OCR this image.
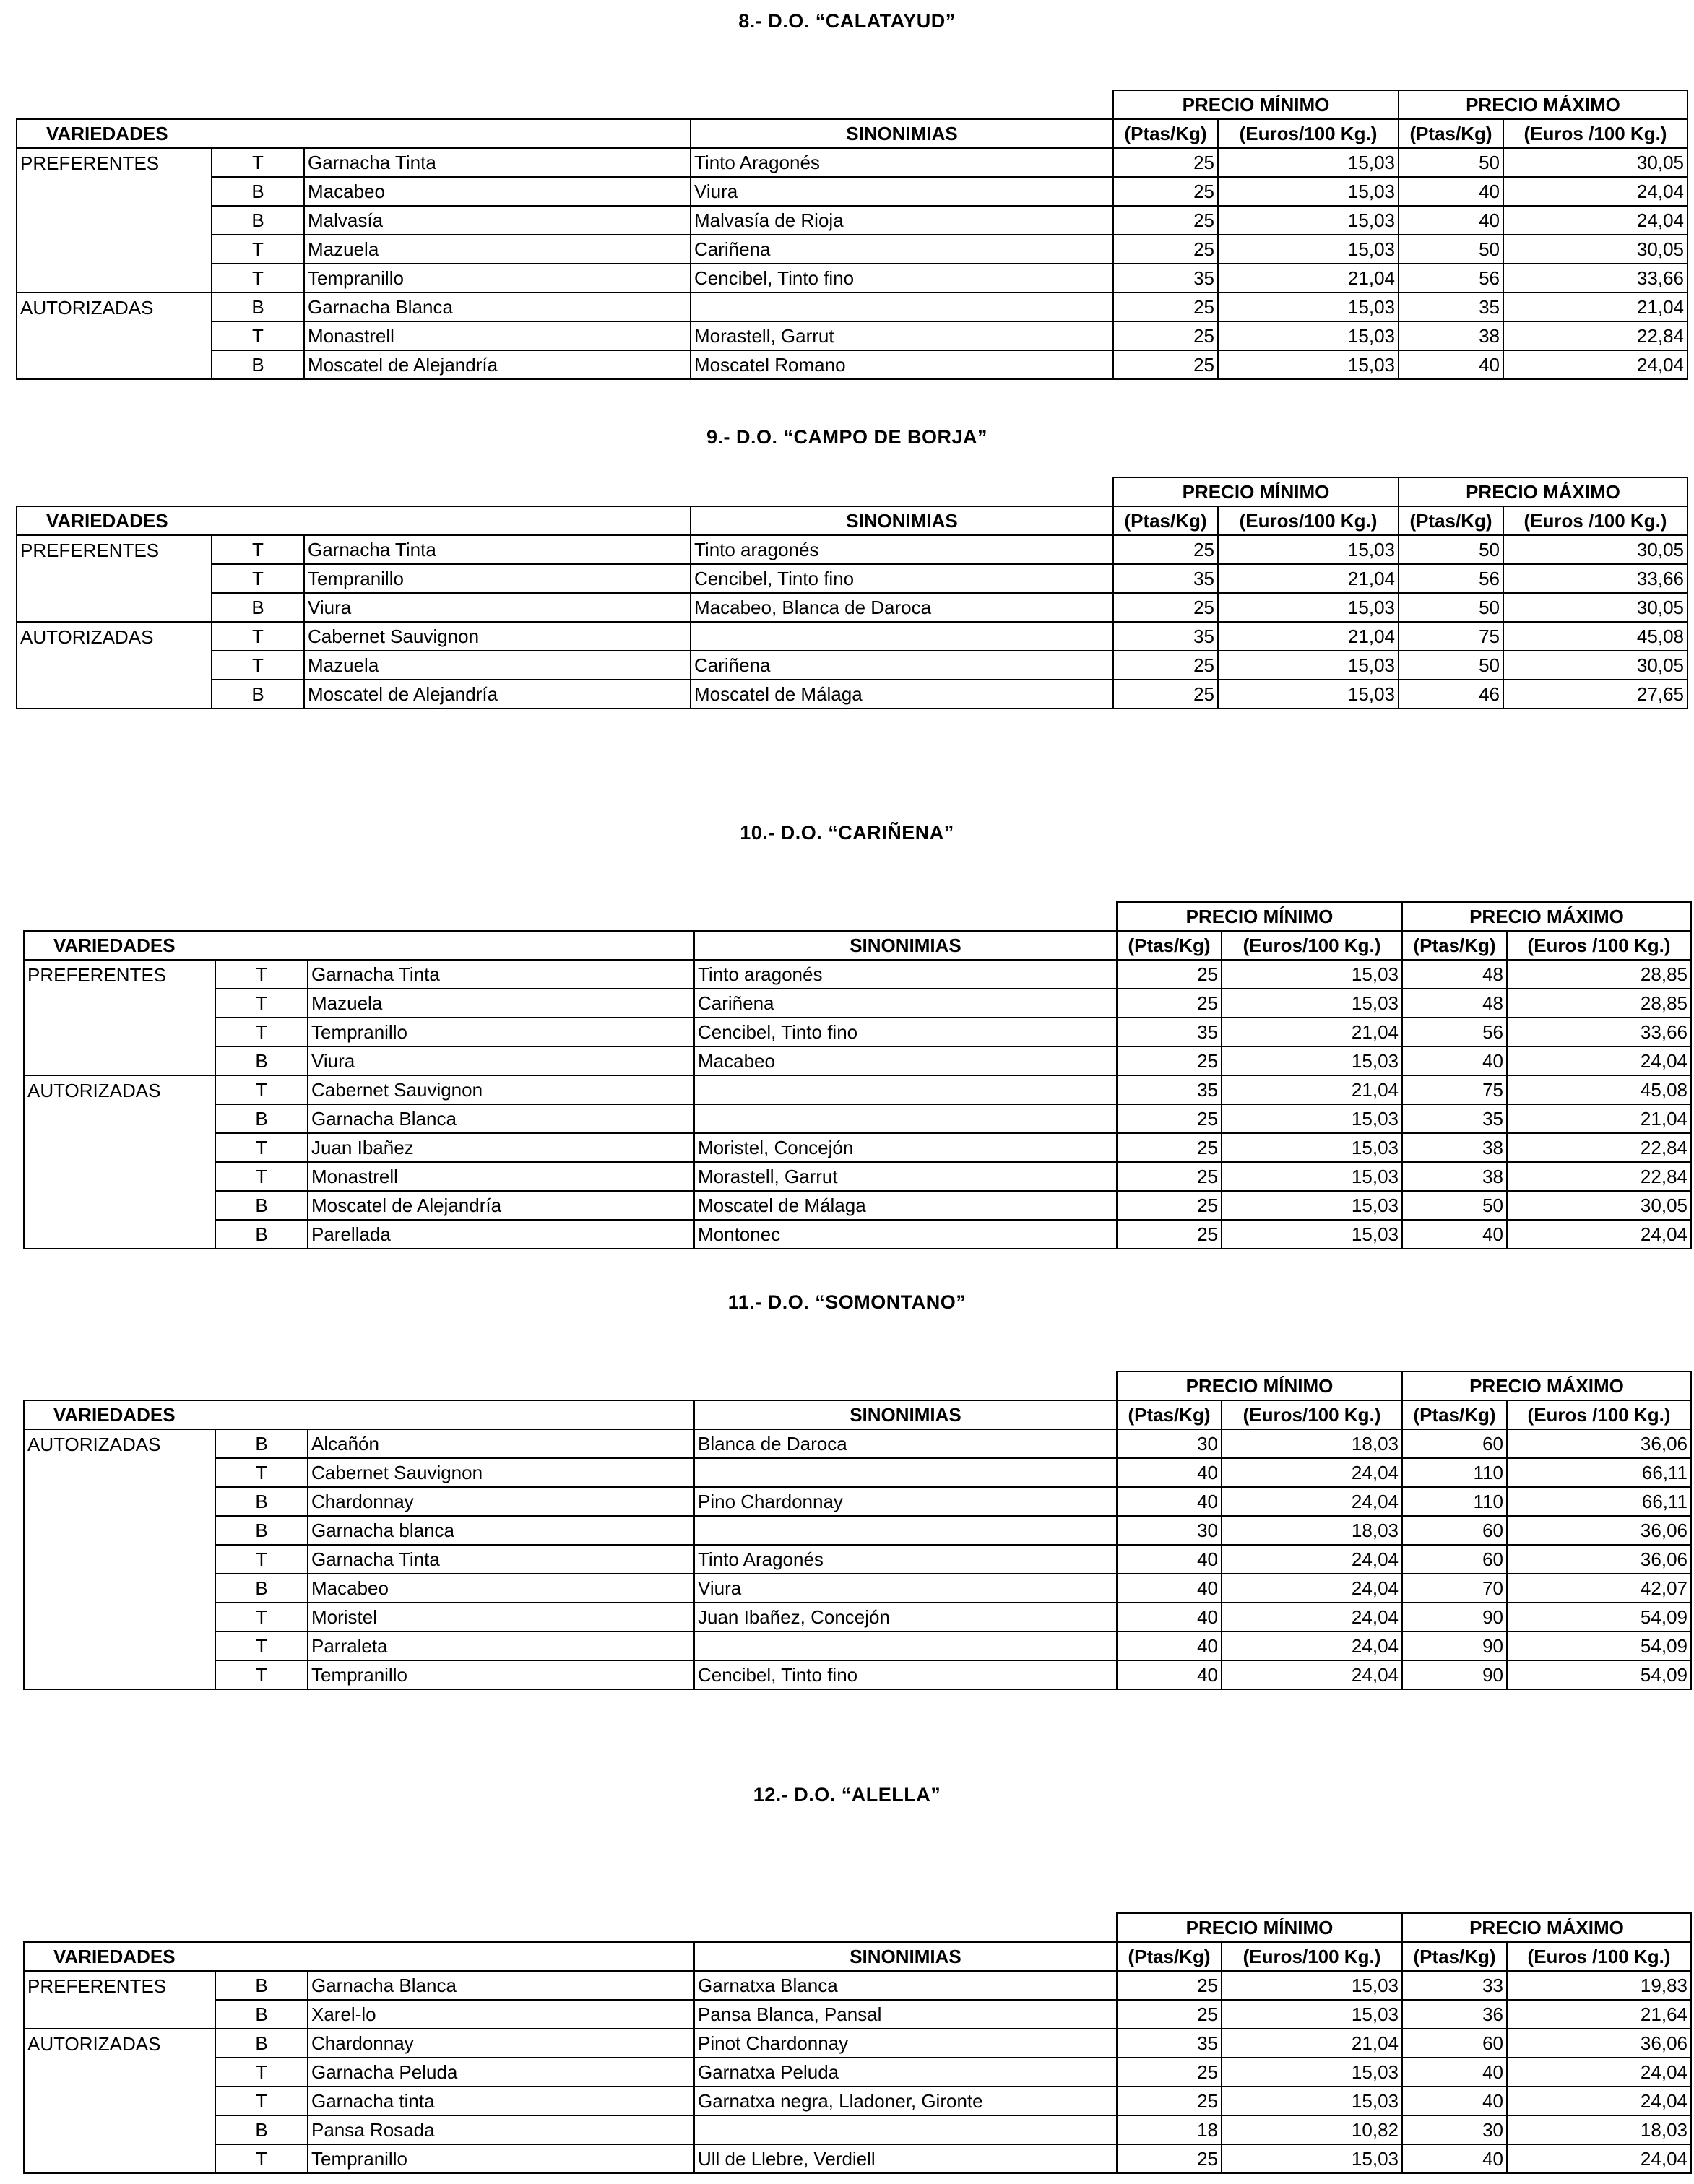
8.- D.O. “CALATAYUD”
				PRECIO MÍNIMO		PRECIO MÁXIMO	
VARIEDADES			SINONIMIAS	(Ptas/Kg)	(Euros/100 Kg.)	(Ptas/Kg)	(Euros /100 Kg.)
PREFERENTES	T	Garnacha Tinta	Tinto Aragonés	25	15,03	50	30,05
	B	Macabeo	Viura	25	15,03	40	24,04
	B	Malvasía	Malvasía de Rioja	25	15,03	40	24,04
	T	Mazuela	Cariñena	25	15,03	50	30,05
	T	Tempranillo	Cencibel, Tinto fino	35	21,04	56	33,66
AUTORIZADAS	B	Garnacha Blanca		25	15,03	35	21,04
	T	Monastrell	Morastell, Garrut	25	15,03	38	22,84
	B	Moscatel de Alejandría	Moscatel Romano	25	15,03	40	24,04
9.- D.O. “CAMPO DE BORJA”
				PRECIO MÍNIMO		PRECIO MÁXIMO	
VARIEDADES			SINONIMIAS	(Ptas/Kg)	(Euros/100 Kg.)	(Ptas/Kg)	(Euros /100 Kg.)
PREFERENTES	T	Garnacha Tinta	Tinto aragonés	25	15,03	50	30,05
	T	Tempranillo	Cencibel, Tinto fino	35	21,04	56	33,66
	B	Viura	Macabeo, Blanca de Daroca	25	15,03	50	30,05
AUTORIZADAS	T	Cabernet Sauvignon		35	21,04	75	45,08
	T	Mazuela	Cariñena	25	15,03	50	30,05
	B	Moscatel de Alejandría	Moscatel de Málaga	25	15,03	46	27,65
10.- D.O. “CARIÑENA”
				PRECIO MÍNIMO		PRECIO MÁXIMO	
VARIEDADES			SINONIMIAS	(Ptas/Kg)	(Euros/100 Kg.)	(Ptas/Kg)	(Euros /100 Kg.)
PREFERENTES	T	Garnacha Tinta	Tinto aragonés	25	15,03	48	28,85
	T	Mazuela	Cariñena	25	15,03	48	28,85
	T	Tempranillo	Cencibel, Tinto fino	35	21,04	56	33,66
	B	Viura	Macabeo	25	15,03	40	24,04
AUTORIZADAS	T	Cabernet Sauvignon		35	21,04	75	45,08
	B	Garnacha Blanca		25	15,03	35	21,04
	T	Juan Ibañez	Moristel, Concejón	25	15,03	38	22,84
	T	Monastrell	Morastell, Garrut	25	15,03	38	22,84
	B	Moscatel de Alejandría	Moscatel de Málaga	25	15,03	50	30,05
	B	Parellada	Montonec	25	15,03	40	24,04
11.- D.O. “SOMONTANO”
				PRECIO MÍNIMO		PRECIO MÁXIMO	
VARIEDADES			SINONIMIAS	(Ptas/Kg)	(Euros/100 Kg.)	(Ptas/Kg)	(Euros /100 Kg.)
AUTORIZADAS	B	Alcañón	Blanca de Daroca	30	18,03	60	36,06
	T	Cabernet Sauvignon		40	24,04	110	66,11
	B	Chardonnay	Pino Chardonnay	40	24,04	110	66,11
	B	Garnacha blanca		30	18,03	60	36,06
	T	Garnacha Tinta	Tinto Aragonés	40	24,04	60	36,06
	B	Macabeo	Viura	40	24,04	70	42,07
	T	Moristel	Juan Ibañez, Concejón	40	24,04	90	54,09
	T	Parraleta		40	24,04	90	54,09
	T	Tempranillo	Cencibel, Tinto fino	40	24,04	90	54,09
12.- D.O. “ALELLA”
				PRECIO MÍNIMO		PRECIO MÁXIMO	
VARIEDADES			SINONIMIAS	(Ptas/Kg)	(Euros/100 Kg.)	(Ptas/Kg)	(Euros /100 Kg.)
PREFERENTES	B	Garnacha Blanca	Garnatxa Blanca	25	15,03	33	19,83
	B	Xarel-lo	Pansa Blanca, Pansal	25	15,03	36	21,64
AUTORIZADAS	B	Chardonnay	Pinot Chardonnay	35	21,04	60	36,06
	T	Garnacha Peluda	Garnatxa Peluda	25	15,03	40	24,04
	T	Garnacha tinta	Garnatxa negra, Lladoner, Gironte	25	15,03	40	24,04
	B	Pansa Rosada		18	10,82	30	18,03
	T	Tempranillo	Ull de Llebre, Verdiell	25	15,03	40	24,04
